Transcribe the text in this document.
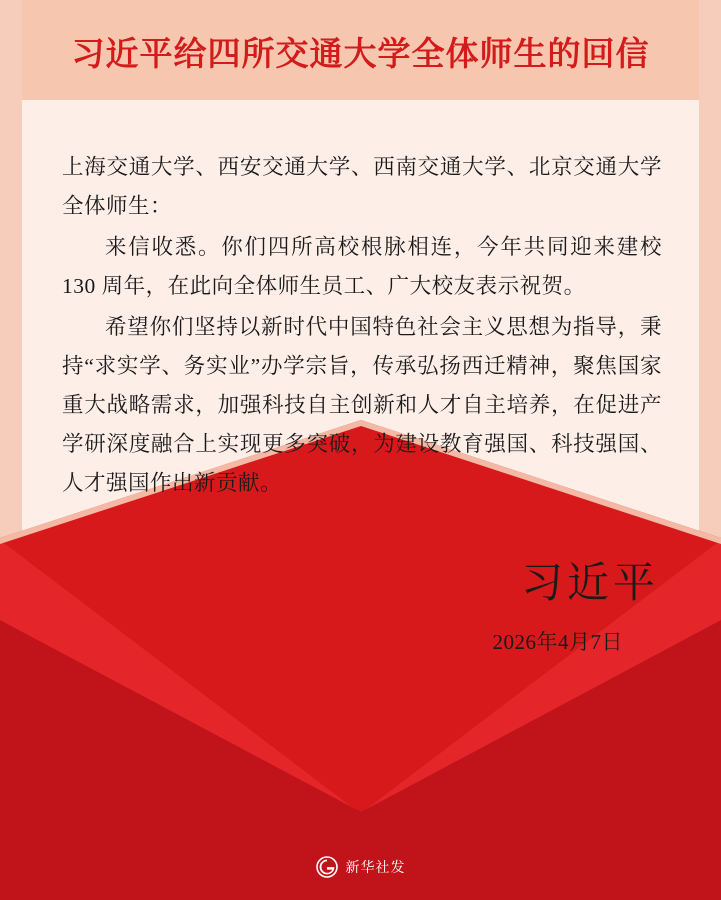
习近平给四所交通大学全体师生的回信

上海交通大学、西安交通大学、西南交通大学、北京交通大学全体师生：

来信收悉。你们四所高校根脉相连，今年共同迎来建校 130 周年，在此向全体师生员工、广大校友表示祝贺。

希望你们坚持以新时代中国特色社会主义思想为指导，秉持“求实学、务实业”办学宗旨，传承弘扬西迁精神，聚焦国家重大战略需求，加强科技自主创新和人才自主培养，在促进产学研深度融合上实现更多突破，为建设教育强国、科技强国、人才强国作出新贡献。

习近平
2026年4月7日
新华社发
